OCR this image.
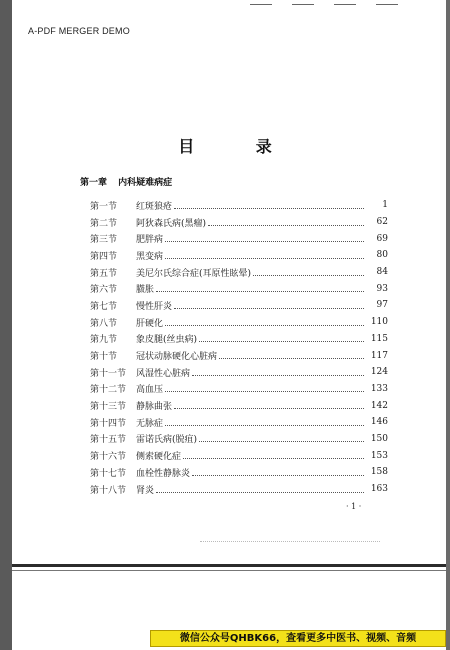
A-PDF MERGER DEMO
目 录
第一章 内科疑难病症
第一节	红斑狼疮	1
第二节	阿狄森氏病(黑瘤)	62
第三节	肥胖病	69
第四节	黑变病	80
第五节	美尼尔氏综合症(耳原性眩晕)	84
第六节	臌胀	93
第七节	慢性肝炎	97
第八节	肝硬化	110
第九节	象皮腿(丝虫病)	115
第十节	冠状动脉硬化心脏病	117
第十一节	风湿性心脏病	124
第十二节	高血压	133
第十三节	静脉曲张	142
第十四节	无脉症	146
第十五节	雷诺氏病(脱疽)	150
第十六节	侧索硬化症	153
第十七节	血栓性静脉炎	158
第十八节	肾炎	163
· 1 ·
微信公众号QHBK66，查看更多中医书、视频、音频
